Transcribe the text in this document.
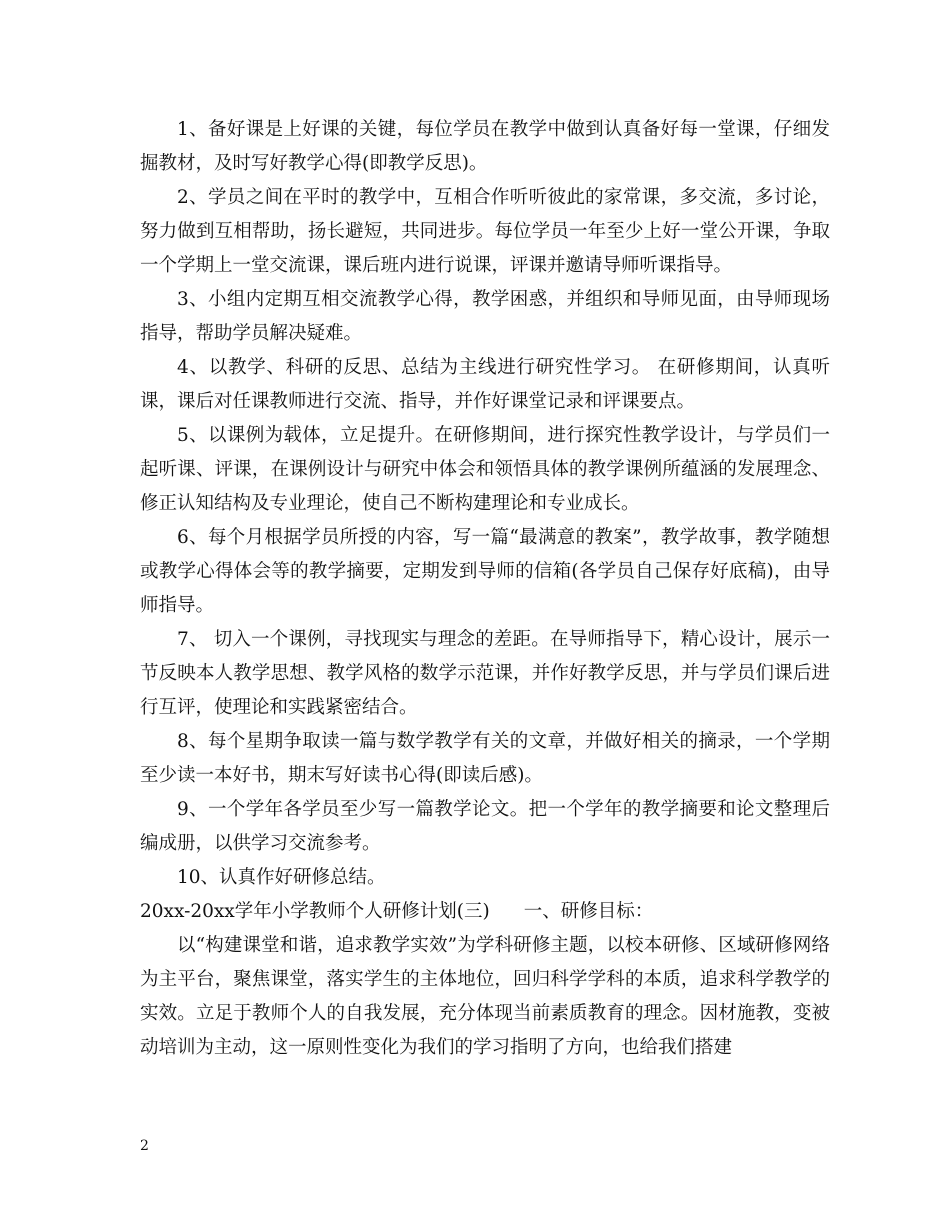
1、备好课是上好课的关键，每位学员在教学中做到认真备好每一堂课，仔细发掘教材，及时写好教学心得(即教学反思)。

2、学员之间在平时的教学中，互相合作听听彼此的家常课，多交流，多讨论，努力做到互相帮助，扬长避短，共同进步。每位学员一年至少上好一堂公开课，争取一个学期上一堂交流课，课后班内进行说课，评课并邀请导师听课指导。

3、小组内定期互相交流教学心得，教学困惑，并组织和导师见面，由导师现场指导，帮助学员解决疑难。

4、以教学、科研的反思、总结为主线进行研究性学习。 在研修期间，认真听课，课后对任课教师进行交流、指导，并作好课堂记录和评课要点。

5、以课例为载体，立足提升。在研修期间，进行探究性教学设计，与学员们一起听课、评课，在课例设计与研究中体会和领悟具体的教学课例所蕴涵的发展理念、修正认知结构及专业理论，使自己不断构建理论和专业成长。

6、每个月根据学员所授的内容，写一篇“最满意的教案”，教学故事，教学随想或教学心得体会等的教学摘要，定期发到导师的信箱(各学员自己保存好底稿)，由导师指导。

7、 切入一个课例，寻找现实与理念的差距。在导师指导下，精心设计，展示一节反映本人教学思想、教学风格的数学示范课，并作好教学反思，并与学员们课后进行互评，使理论和实践紧密结合。

8、每个星期争取读一篇与数学教学有关的文章，并做好相关的摘录，一个学期至少读一本好书，期末写好读书心得(即读后感)。

9、一个学年各学员至少写一篇教学论文。把一个学年的教学摘要和论文整理后编成册，以供学习交流参考。

10、认真作好研修总结。

20xx-20xx学年小学教师个人研修计划(三) 一、研修目标：

以“构建课堂和谐，追求教学实效”为学科研修主题，以校本研修、区域研修网络为主平台，聚焦课堂，落实学生的主体地位，回归科学学科的本质，追求科学教学的实效。立足于教师个人的自我发展，充分体现当前素质教育的理念。因材施教，变被动培训为主动，这一原则性变化为我们的学习指明了方向，也给我们搭建

2
